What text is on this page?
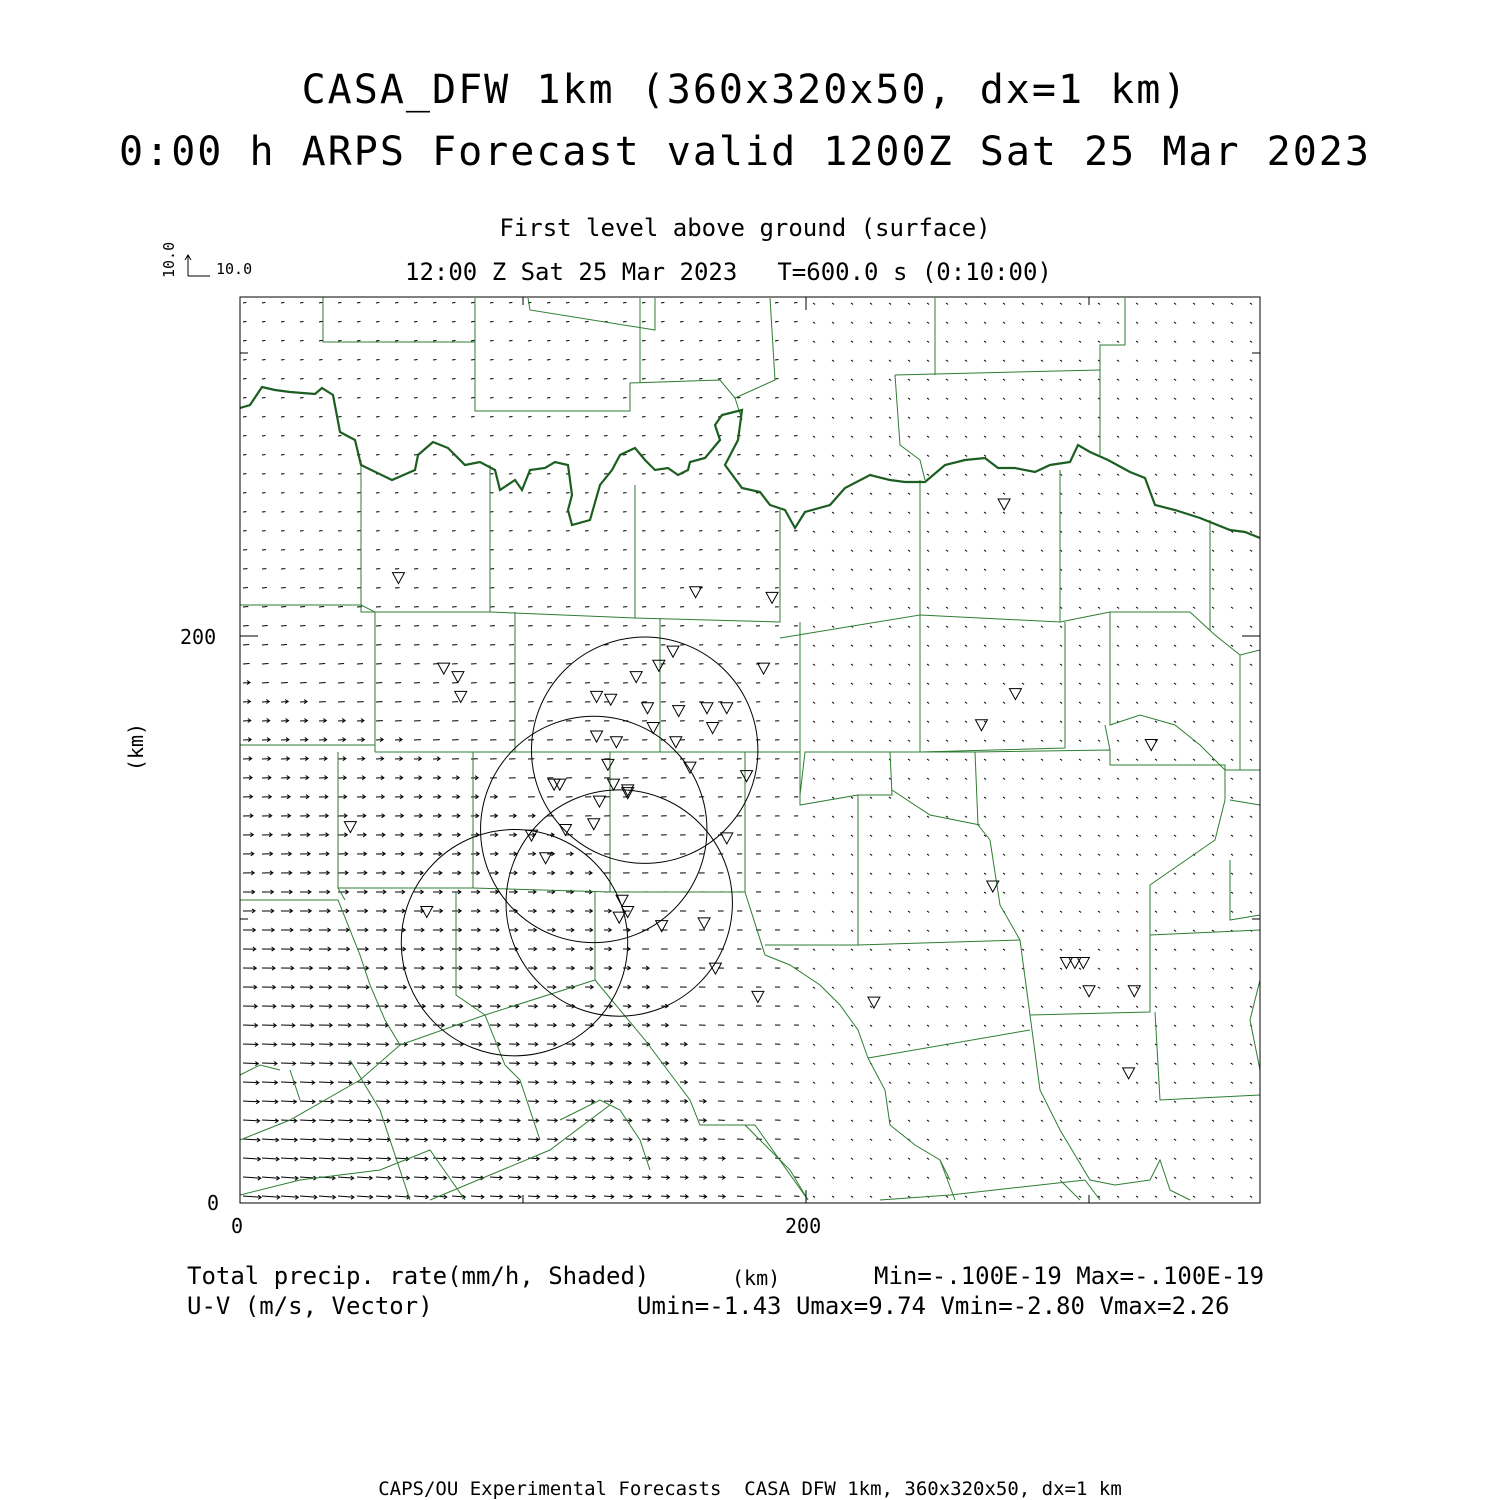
CASA_DFW 1km (360x320x50, dx=1 km)
0:00 h ARPS Forecast valid 1200Z Sat 25 Mar 2023
First level above ground (surface)
12:00 Z Sat 25 Mar 2023 T=600.0 s (0:10:00)
10.0	10.0
(km)
200
0
0	200
Total precip. rate(mm/h, Shaded)	(km)	Min=-.100E-19 Max=-.100E-19
U-V (m/s, Vector)	Umin=-1.43 Umax=9.74 Vmin=-2.80 Vmax=2.26
CAPS/OU Experimental Forecasts  CASA DFW 1km, 360x320x50, dx=1 km
